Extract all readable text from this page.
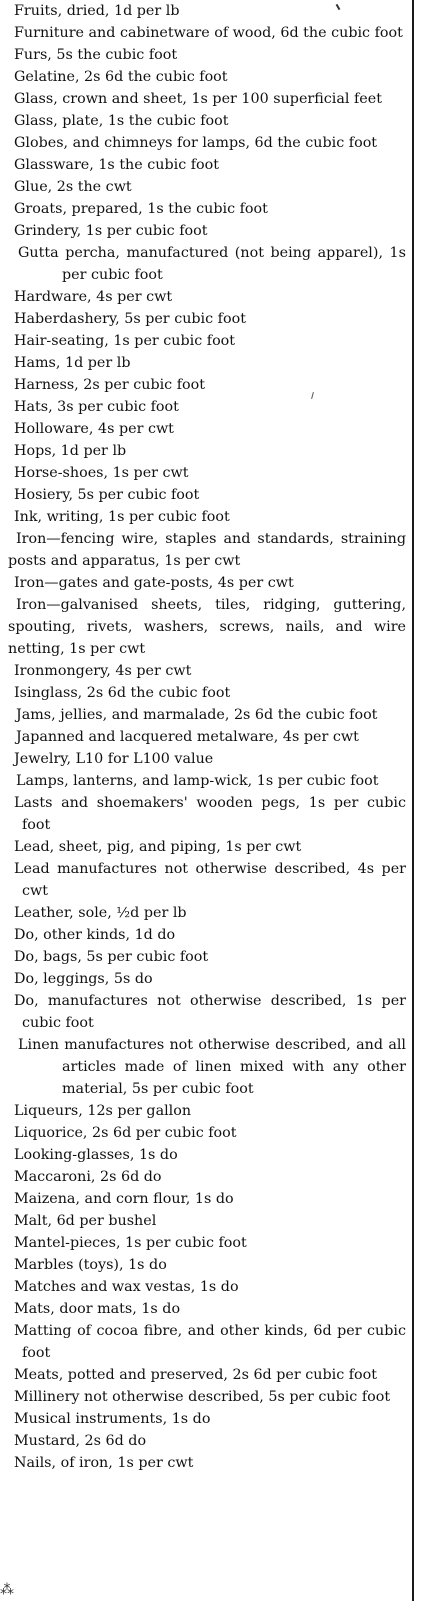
Fruits, dried, 1d per lb

Furniture and cabinetware of wood, 6d the cubic foot

Furs, 5s the cubic foot

Gelatine, 2s 6d the cubic foot

Glass, crown and sheet, 1s per 100 superficial feet

Glass, plate, 1s the cubic foot

Globes, and chimneys for lamps, 6d the cubic foot

Glassware, 1s the cubic foot

Glue, 2s the cwt

Groats, prepared, 1s the cubic foot

Grindery, 1s per cubic foot

Gutta percha, manufactured (not being apparel), 1s per cubic foot

Hardware, 4s per cwt

Haberdashery, 5s per cubic foot

Hair-seating, 1s per cubic foot

Hams, 1d per lb

Harness, 2s per cubic foot

Hats, 3s per cubic foot

Holloware, 4s per cwt

Hops, 1d per lb

Horse-shoes, 1s per cwt

Hosiery, 5s per cubic foot

Ink, writing, 1s per cubic foot

Iron—fencing wire, staples and standards, straining posts and apparatus, 1s per cwt

Iron—gates and gate-posts, 4s per cwt

Iron—galvanised sheets, tiles, ridging, guttering, spouting, rivets, washers, screws, nails, and wire netting, 1s per cwt

Ironmongery, 4s per cwt

Isinglass, 2s 6d the cubic foot

Jams, jellies, and marmalade, 2s 6d the cubic foot

Japanned and lacquered metalware, 4s per cwt

Jewelry, L10 for L100 value

Lamps, lanterns, and lamp-wick, 1s per cubic foot

Lasts and shoemakers' wooden pegs, 1s per cubic foot

Lead, sheet, pig, and piping, 1s per cwt

Lead manufactures not otherwise described, 4s per cwt

Leather, sole, ½d per lb

Do, other kinds, 1d do

Do, bags, 5s per cubic foot

Do, leggings, 5s do

Do, manufactures not otherwise described, 1s per cubic foot

Linen manufactures not otherwise described, and all articles made of linen mixed with any other material, 5s per cubic foot

Liqueurs, 12s per gallon

Liquorice, 2s 6d per cubic foot

Looking-glasses, 1s do

Maccaroni, 2s 6d do

Maizena, and corn flour, 1s do

Malt, 6d per bushel

Mantel-pieces, 1s per cubic foot

Marbles (toys), 1s do

Matches and wax vestas, 1s do

Mats, door mats, 1s do

Matting of cocoa fibre, and other kinds, 6d per cubic foot

Meats, potted and preserved, 2s 6d per cubic foot

Millinery not otherwise described, 5s per cubic foot

Musical instruments, 1s do

Mustard, 2s 6d do

Nails, of iron, 1s per cwt

⁂
